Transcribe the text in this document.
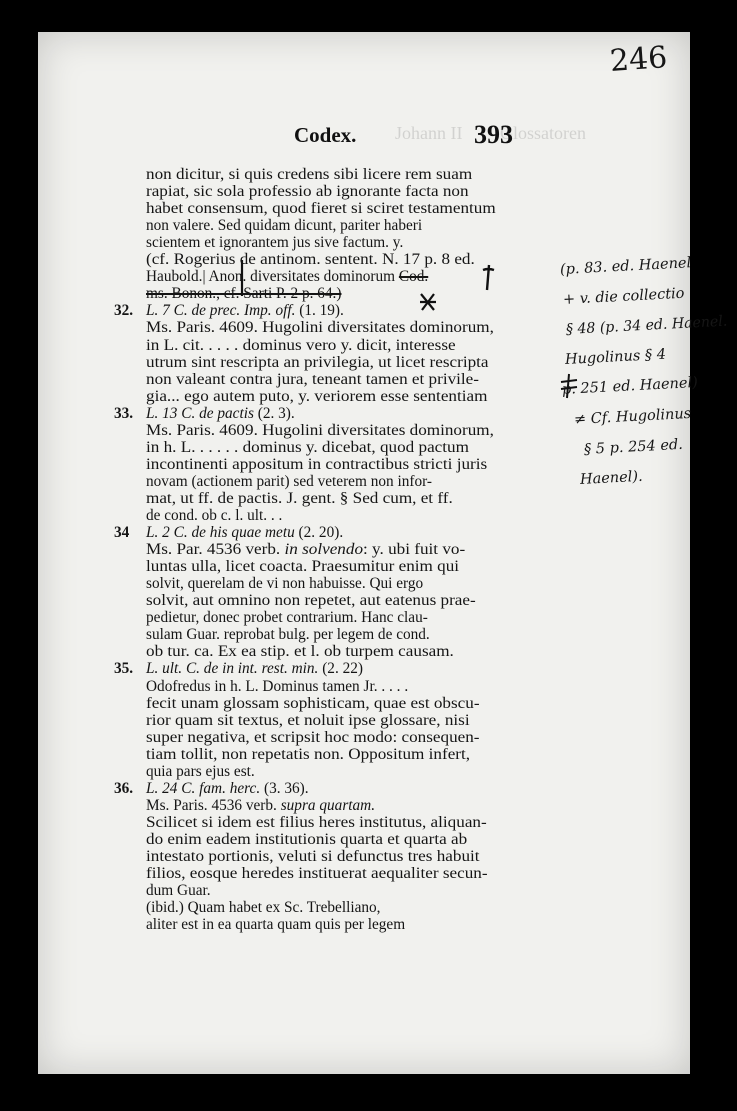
Johann II Glossatoren
Codex.	393
246
non dicitur, si quis credens sibi licere rem suam
rapiat, sic sola professio ab ignorante facta non
habet consensum, quod fieret si sciret testamentum
non valere. Sed quidam dicunt, pariter haberi
scientem et ignorantem jus sive factum. y.
(cf. Rogerius de antinom. sentent. N. 17 p. 8 ed.
Haubold.| Anon. diversitates dominorum Cod.
ms. Bonon., cf. Sarti P. 2 p. 64.)
32. L. 7 C. de prec. Imp. off. (1. 19).
Ms. Paris. 4609. Hugolini diversitates dominorum,
in L. cit. . . . . dominus vero y. dicit, interesse
utrum sint rescripta an privilegia, ut licet rescripta
non valeant contra jura, teneant tamen et privile-
gia... ego autem puto, y. veriorem esse sententiam
33. L. 13 C. de pactis (2. 3).
Ms. Paris. 4609. Hugolini diversitates dominorum,
in h. L. . . . . . dominus y. dicebat, quod pactum
incontinenti appositum in contractibus stricti juris
novam (actionem parit) sed veterem non infor-
mat, ut ff. de pactis. J. gent. § Sed cum, et ff.
de cond. ob c. l. ult. . .
34 L. 2 C. de his quae metu (2. 20).
Ms. Par. 4536 verb. in solvendo: y. ubi fuit vo-
luntas ulla, licet coacta. Praesumitur enim qui
solvit, querelam de vi non habuisse. Qui ergo
solvit, aut omnino non repetet, aut eatenus prae-
pedietur, donec probet contrarium. Hanc clau-
sulam Guar. reprobat bulg. per legem de cond.
ob tur. ca. Ex ea stip. et l. ob turpem causam.
35. L. ult. C. de in int. rest. min. (2. 22)
Odofredus in h. L. Dominus tamen Jr. . . . .
fecit unam glossam sophisticam, quae est obscu-
rior quam sit textus, et noluit ipse glossare, nisi
super negativa, et scripsit hoc modo: consequen-
tiam tollit, non repetatis non. Oppositum infert,
quia pars ejus est.
36. L. 24 C. fam. herc. (3. 36).
Ms. Paris. 4536 verb. supra quartam.
Scilicet si idem est filius heres institutus, aliquan-
do enim eadem institutionis quarta et quarta ab
intestato portionis, veluti si defunctus tres habuit
filios, eosque heredes instituerat aequaliter secun-
dum Guar.
(ibid.) Quam habet ex Sc. Trebelliano,
aliter est in ea quarta quam quis per legem
(p. 83. ed. Haenel
+ v. die collectio
§ 48 (p. 34 ed. Haenel.
Hugolinus § 4
p. 251 ed. Haenel)
≠ Cf. Hugolinus
§ 5 p. 254 ed.
Haenel).
